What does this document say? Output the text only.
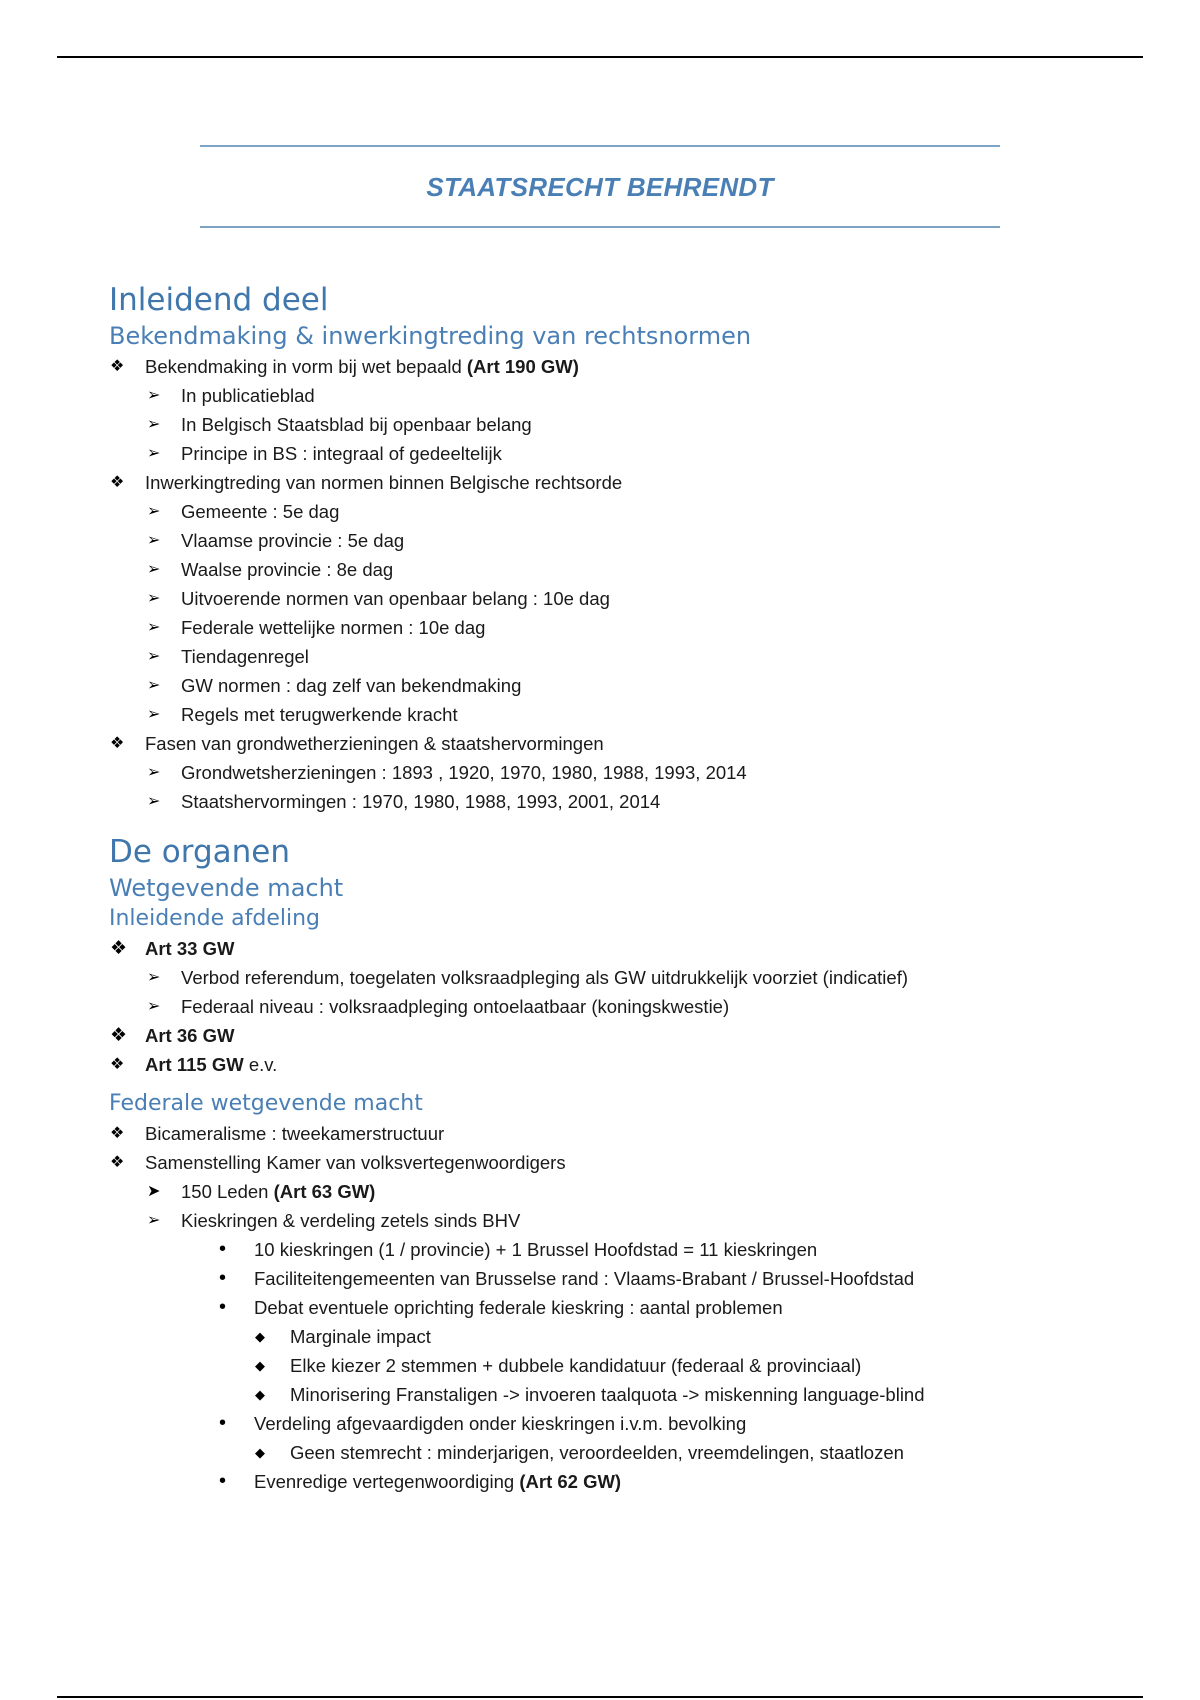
STAATSRECHT BEHRENDT
Inleidend deel
Bekendmaking & inwerkingtreding van rechtsnormen
❖
Bekendmaking in vorm bij wet bepaald (Art 190 GW)
➢
In publicatieblad
➢
In Belgisch Staatsblad bij openbaar belang
➢
Principe in BS : integraal of gedeeltelijk
❖
Inwerkingtreding van normen binnen Belgische rechtsorde
➢
Gemeente : 5e dag
➢
Vlaamse provincie : 5e dag
➢
Waalse provincie : 8e dag
➢
Uitvoerende normen van openbaar belang : 10e dag
➢
Federale wettelijke normen : 10e dag
➢
Tiendagenregel
➢
GW normen : dag zelf van bekendmaking
➢
Regels met terugwerkende kracht
❖
Fasen van grondwetherzieningen & staatshervormingen
➢
Grondwetsherzieningen : 1893 , 1920, 1970, 1980, 1988, 1993, 2014
➢
Staatshervormingen : 1970, 1980, 1988, 1993, 2001, 2014
De organen
Wetgevende macht
Inleidende afdeling
❖
Art 33 GW
➢
Verbod referendum, toegelaten volksraadpleging als GW uitdrukkelijk voorziet (indicatief)
➢
Federaal niveau : volksraadpleging ontoelaatbaar (koningskwestie)
❖
Art 36 GW
❖
Art 115 GW e.v.
Federale wetgevende macht
❖
Bicameralisme : tweekamerstructuur
❖
Samenstelling Kamer van volksvertegenwoordigers
➤
150 Leden (Art 63 GW)
➢
Kieskringen & verdeling zetels sinds BHV
•
10 kieskringen (1 / provincie) + 1 Brussel Hoofdstad = 11 kieskringen
•
Faciliteitengemeenten van Brusselse rand : Vlaams-Brabant / Brussel-Hoofdstad
•
Debat eventuele oprichting federale kieskring : aantal problemen
◆
Marginale impact
◆
Elke kiezer 2 stemmen + dubbele kandidatuur (federaal & provinciaal)
◆
Minorisering Franstaligen -> invoeren taalquota -> miskenning language-blind
•
Verdeling afgevaardigden onder kieskringen i.v.m. bevolking
◆
Geen stemrecht : minderjarigen, veroordeelden, vreemdelingen, staatlozen
•
Evenredige vertegenwoordiging (Art 62 GW)
